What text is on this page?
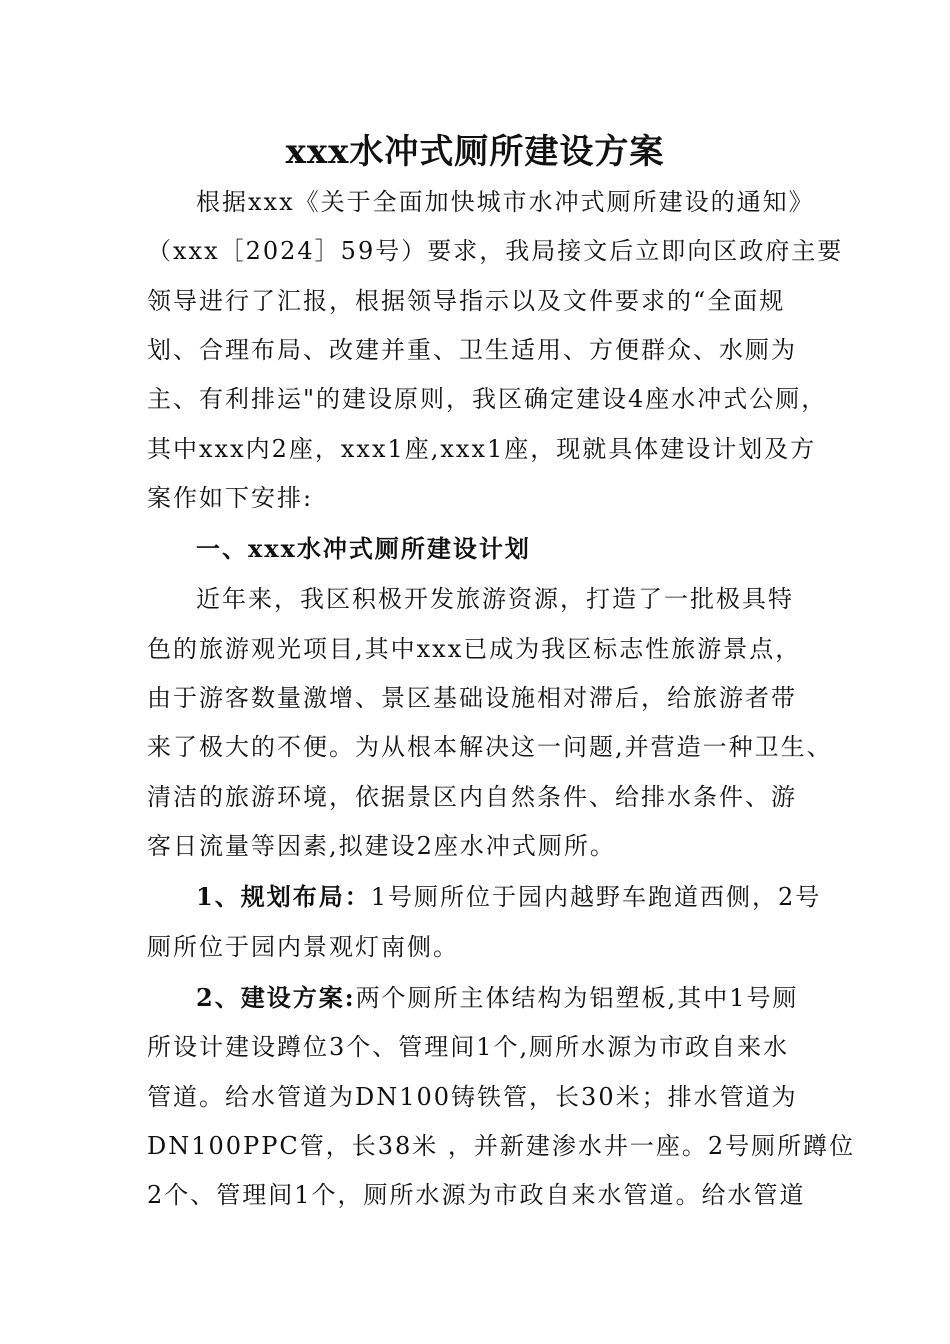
xxx水冲式厕所建设方案
根据xxx《关于全面加快城市水冲式厕所建设的通知》
（xxx［2024］59号）要求，我局接文后立即向区政府主要
领导进行了汇报，根据领导指示以及文件要求的“全面规
划、合理布局、改建并重、卫生适用、方便群众、水厕为
主、有利排运"的建设原则，我区确定建设4座水冲式公厕，
其中xxx内2座，xxx1座,xxx1座，现就具体建设计划及方
案作如下安排:
一、xxx水冲式厕所建设计划
近年来，我区积极开发旅游资源，打造了一批极具特
色的旅游观光项目,其中xxx已成为我区标志性旅游景点，
由于游客数量激增、景区基础设施相对滞后，给旅游者带
来了极大的不便。为从根本解决这一问题,并营造一种卫生、
清洁的旅游环境，依据景区内自然条件、给排水条件、游
客日流量等因素,拟建设2座水冲式厕所。
1、规划布局：1号厕所位于园内越野车跑道西侧，2号
厕所位于园内景观灯南侧。
2、建设方案:两个厕所主体结构为铝塑板,其中1号厕
所设计建设蹲位3个、管理间1个,厕所水源为市政自来水
管道。给水管道为DN100铸铁管，长30米；排水管道为
DN100PPC管，长38米 ，并新建渗水井一座。2号厕所蹲位
2个、管理间1个，厕所水源为市政自来水管道。给水管道
